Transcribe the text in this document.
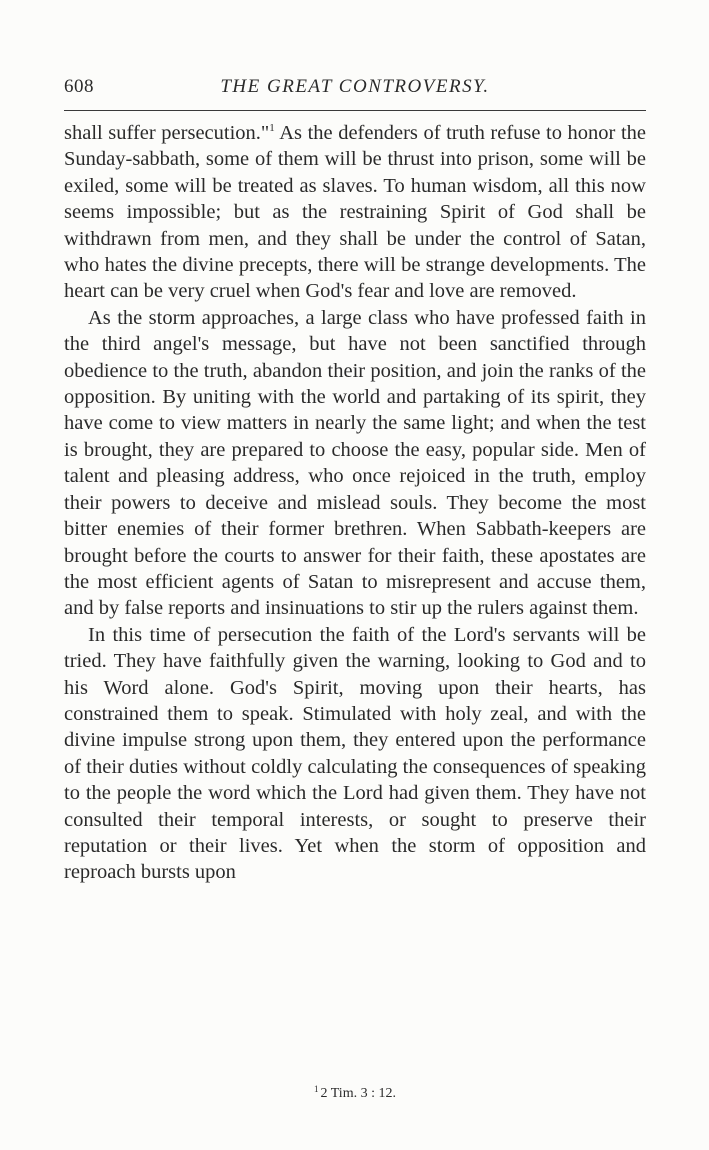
608	THE GREAT CONTROVERSY.

shall suffer persecution."$^1$ As the defenders of truth refuse to honor the Sunday-sabbath, some of them will be thrust into prison, some will be exiled, some will be treated as slaves. To human wisdom, all this now seems impossible; but as the restraining Spirit of God shall be withdrawn from men, and they shall be under the control of Satan, who hates the divine precepts, there will be strange developments. The heart can be very cruel when God's fear and love are removed.

As the storm approaches, a large class who have professed faith in the third angel's message, but have not been sanctified through obedience to the truth, abandon their position, and join the ranks of the opposition. By uniting with the world and partaking of its spirit, they have come to view matters in nearly the same light; and when the test is brought, they are prepared to choose the easy, popular side. Men of talent and pleasing address, who once rejoiced in the truth, employ their powers to deceive and mislead souls. They become the most bitter enemies of their former brethren. When Sabbath-keepers are brought before the courts to answer for their faith, these apostates are the most efficient agents of Satan to misrepresent and accuse them, and by false reports and insinuations to stir up the rulers against them.

In this time of persecution the faith of the Lord's servants will be tried. They have faithfully given the warning, looking to God and to his Word alone. God's Spirit, moving upon their hearts, has constrained them to speak. Stimulated with holy zeal, and with the divine impulse strong upon them, they entered upon the performance of their duties without coldly calculating the consequences of speaking to the people the word which the Lord had given them. They have not consulted their temporal interests, or sought to preserve their reputation or their lives. Yet when the storm of opposition and reproach bursts upon

$^1$ 2 Tim. 3 : 12.
